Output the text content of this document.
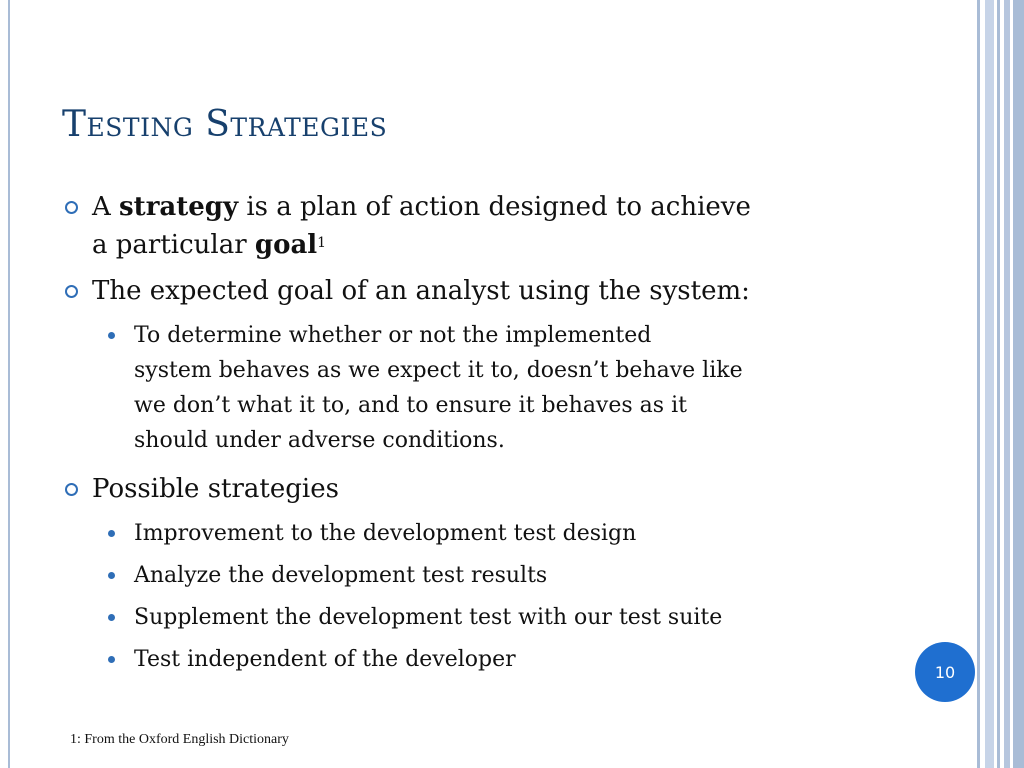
Testing Strategies
A strategy is a plan of action designed to achieve
a particular goal$^1$
The expected goal of an analyst using the system:
To determine whether or not the implemented
system behaves as we expect it to, doesn’t behave like
we don’t what it to, and to ensure it behaves as it
should under adverse conditions.
Possible strategies
Improvement to the development test design
Analyze the development test results
Supplement the development test with our test suite
Test independent of the developer	10
1: From the Oxford English Dictionary
